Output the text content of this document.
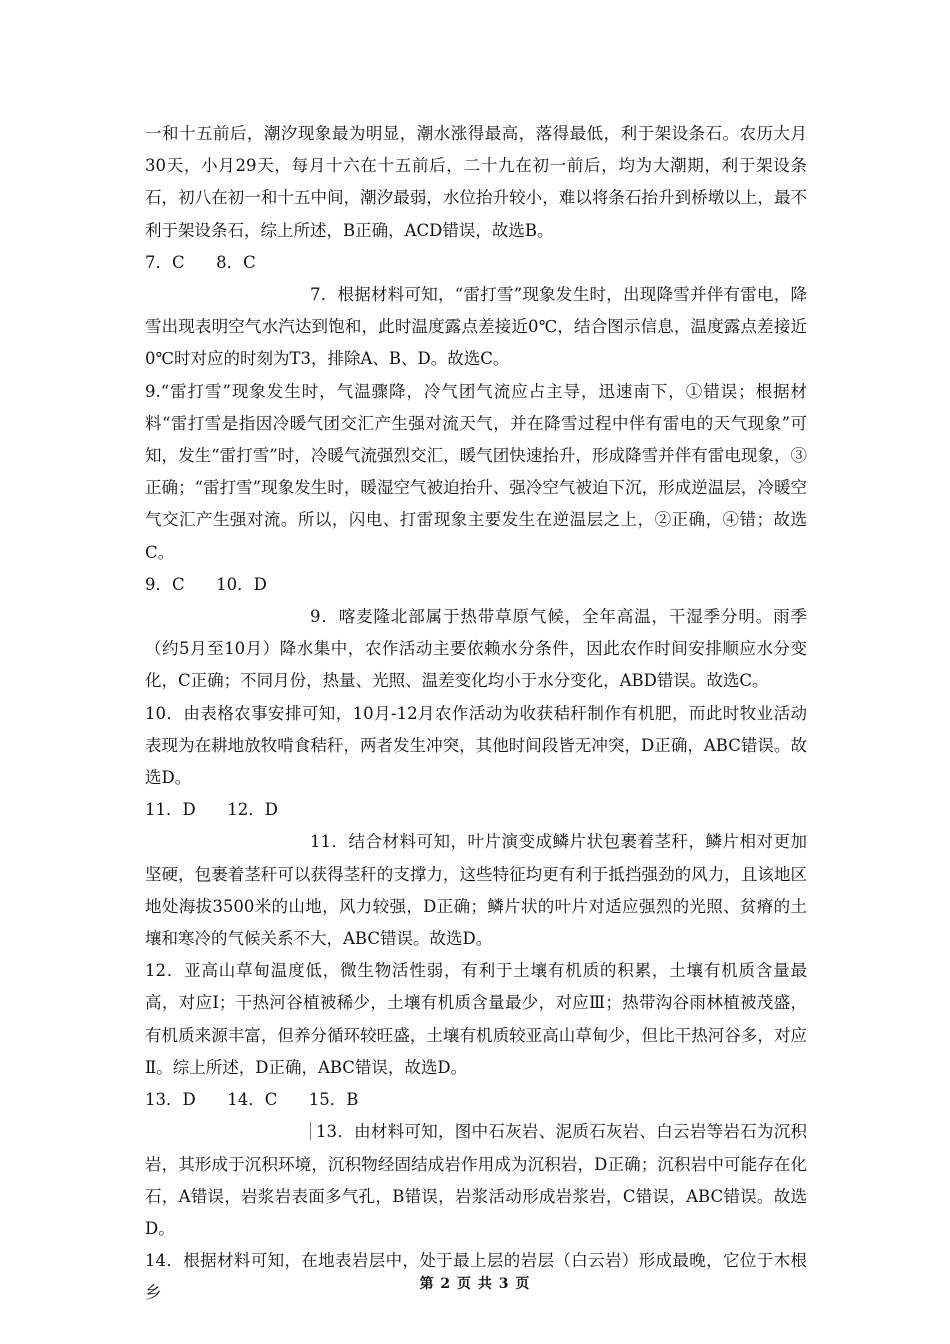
一和十五前后，潮汐现象最为明显，潮水涨得最高，落得最低，利于架设条石。农历大月30天，小月29天，每月十六在十五前后，二十九在初一前后，均为大潮期，利于架设条石，初八在初一和十五中间，潮汐最弱，水位抬升较小，难以将条石抬升到桥墩以上，最不利于架设条石，综上所述，B正确，ACD错误，故选B。

7．C      8．C

7．根据材料可知，“雷打雪”现象发生时，出现降雪并伴有雷电，降雪出现表明空气水汽达到饱和，此时温度露点差接近0℃，结合图示信息，温度露点差接近0℃时对应的时刻为T3，排除A、B、D。故选C。

9.“雷打雪”现象发生时，气温骤降，冷气团气流应占主导，迅速南下，①错误；根据材料“雷打雪是指因冷暖气团交汇产生强对流天气，并在降雪过程中伴有雷电的天气现象”可知，发生“雷打雪”时，冷暖气流强烈交汇，暖气团快速抬升，形成降雪并伴有雷电现象，③正确；“雷打雪”现象发生时，暖湿空气被迫抬升、强冷空气被迫下沉，形成逆温层，冷暖空气交汇产生强对流。所以，闪电、打雷现象主要发生在逆温层之上，②正确，④错；故选C。

9．C      10．D

9．喀麦隆北部属于热带草原气候，全年高温，干湿季分明。雨季（约5月至10月）降水集中，农作活动主要依赖水分条件，因此农作时间安排顺应水分变化，C正确；不同月份，热量、光照、温差变化均小于水分变化，ABD错误。故选C。

10．由表格农事安排可知，10月-12月农作活动为收获秸秆制作有机肥，而此时牧业活动表现为在耕地放牧啃食秸秆，两者发生冲突，其他时间段皆无冲突，D正确，ABC错误。故选D。

11．D      12．D

11．结合材料可知，叶片演变成鳞片状包裹着茎秆，鳞片相对更加坚硬，包裹着茎秆可以获得茎秆的支撑力，这些特征均更有利于抵挡强劲的风力，且该地区地处海拔3500米的山地，风力较强，D正确；鳞片状的叶片对适应强烈的光照、贫瘠的土壤和寒冷的气候关系不大，ABC错误。故选D。

12．亚高山草甸温度低，微生物活性弱，有利于土壤有机质的积累，土壤有机质含量最高，对应I；干热河谷植被稀少，土壤有机质含量最少，对应Ⅲ；热带沟谷雨林植被茂盛，有机质来源丰富，但养分循环较旺盛，土壤有机质较亚高山草甸少，但比干热河谷多，对应Ⅱ。综上所述，D正确，ABC错误，故选D。

13．D      14．C      15．B

13．由材料可知，图中石灰岩、泥质石灰岩、白云岩等岩石为沉积岩，其形成于沉积环境，沉积物经固结成岩作用成为沉积岩，D正确；沉积岩中可能存在化石，A错误，岩浆岩表面多气孔，B错误，岩浆活动形成岩浆岩，C错误，ABC错误。故选D。

14．根据材料可知，在地表岩层中，处于最上层的岩层（白云岩）形成最晚，它位于木根乡	第 2 页 共 3 页
